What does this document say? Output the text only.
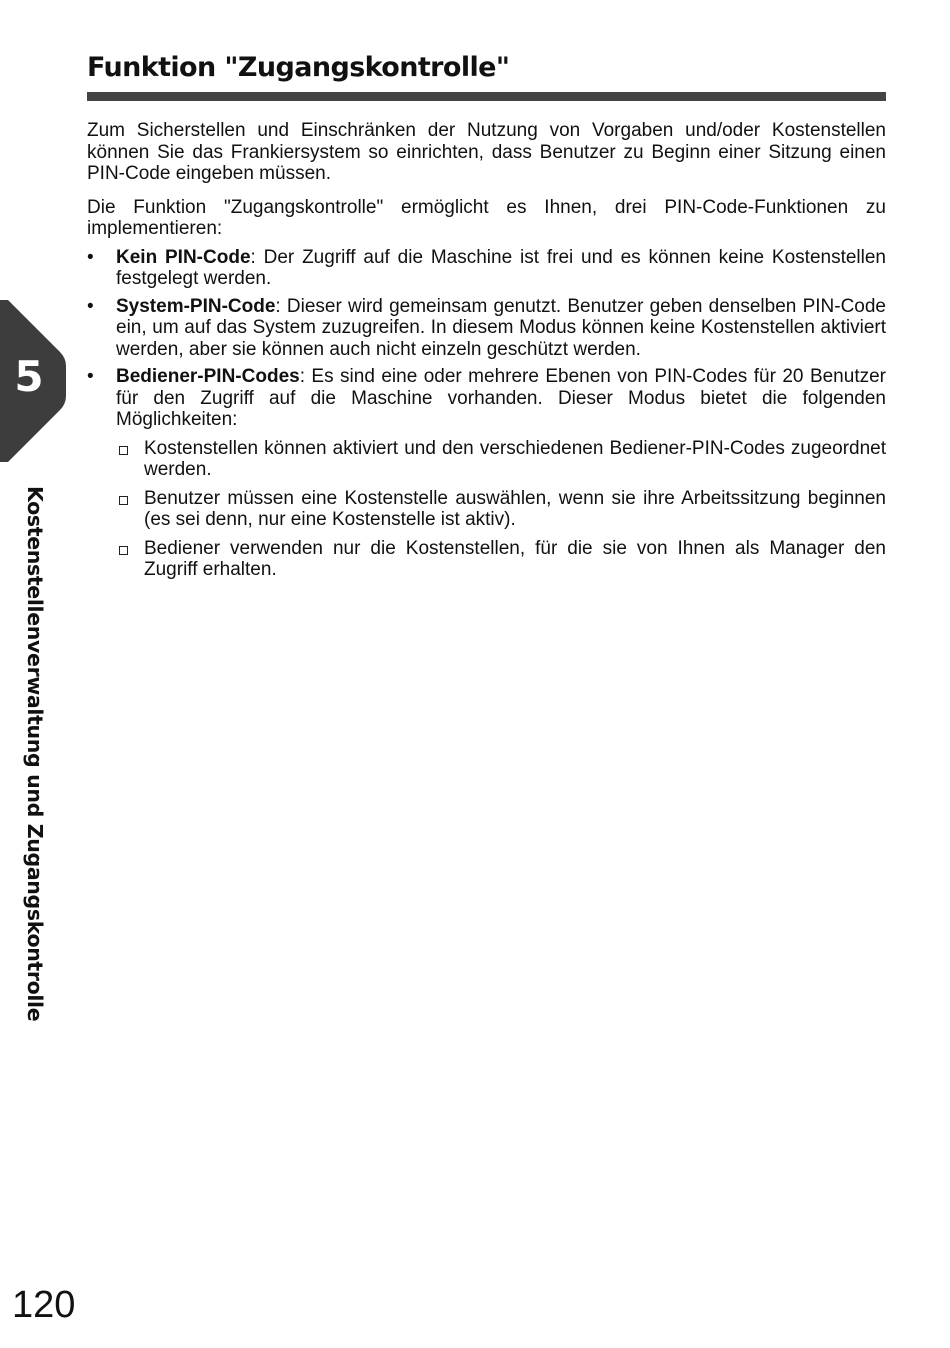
Funktion "Zugangskontrolle"

Zum Sicherstellen und Einschränken der Nutzung von Vorgaben und/oder Kostenstellen können Sie das Frankiersystem so einrichten, dass Benutzer zu Beginn einer Sitzung einen PIN-Code eingeben müssen.

Die Funktion "Zugangskontrolle" ermöglicht es Ihnen, drei PIN-Code-Funktionen zu implementieren:

• Kein PIN-Code: Der Zugriff auf die Maschine ist frei und es können keine Kostenstellen festgelegt werden.
• System-PIN-Code: Dieser wird gemeinsam genutzt. Benutzer geben denselben PIN-Code ein, um auf das System zuzugreifen. In diesem Modus können keine Kostenstellen aktiviert werden, aber sie können auch nicht einzeln geschützt werden.
• Bediener-PIN-Codes: Es sind eine oder mehrere Ebenen von PIN-Codes für 20 Benutzer für den Zugriff auf die Maschine vorhanden. Dieser Modus bietet die folgenden Möglichkeiten:
Kostenstellen können aktiviert und den verschiedenen Bediener-PIN-Codes zugeordnet werden.
Benutzer müssen eine Kostenstelle auswählen, wenn sie ihre Arbeitssitzung beginnen (es sei denn, nur eine Kostenstelle ist aktiv).
Bediener verwenden nur die Kostenstellen, für die sie von Ihnen als Manager den Zugriff erhalten.
5
Kostenstellenverwaltung und Zugangskontrolle
120
